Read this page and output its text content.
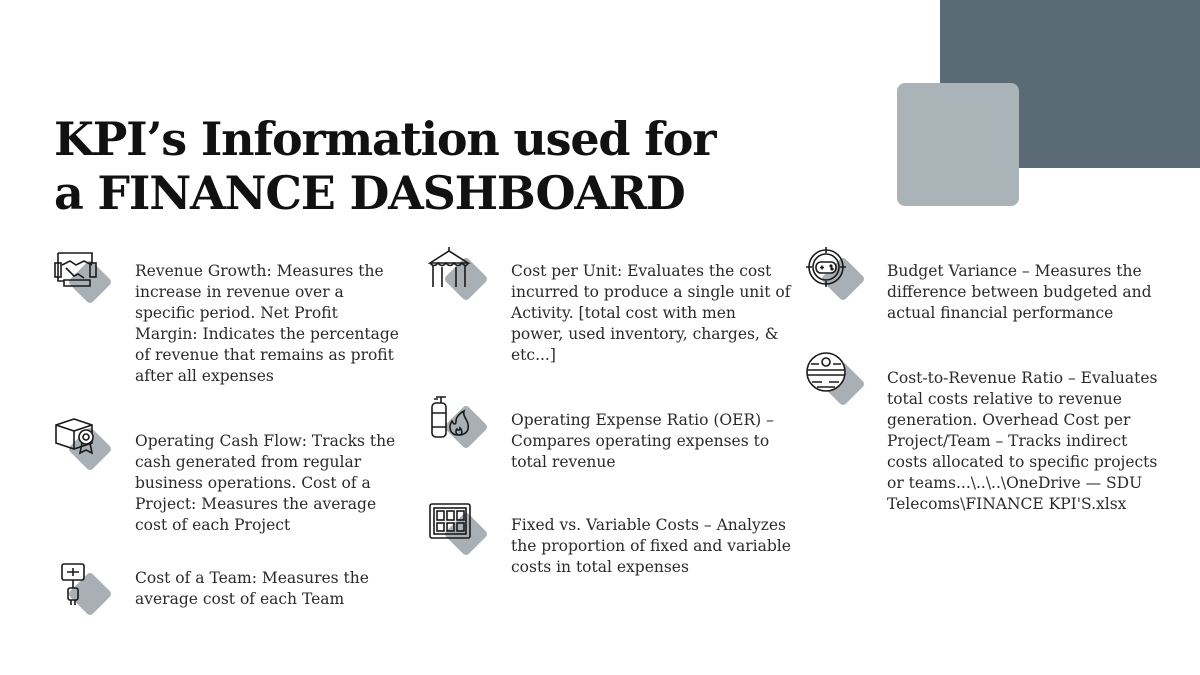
KPI’s Information used for
a FINANCE DASHBOARD

Revenue Growth: Measures the increase in revenue over a specific period. Net Profit Margin: Indicates the percentage of revenue that remains as profit after all expenses

Operating Cash Flow: Tracks the cash generated from regular business operations. Cost of a Project: Measures the average cost of each Project

Cost of a Team: Measures the average cost of each Team

Cost per Unit: Evaluates the cost incurred to produce a single unit of Activity. [total cost with men power, used inventory, charges, & etc...]

Operating Expense Ratio (OER) – Compares operating expenses to total revenue

Fixed vs. Variable Costs – Analyzes the proportion of fixed and variable costs in total expenses

Budget Variance – Measures the difference between budgeted and actual financial performance

Cost-to-Revenue Ratio – Evaluates total costs relative to revenue generation. Overhead Cost per Project/Team – Tracks indirect costs allocated to specific projects or teams...\..\..\OneDrive — SDU Telecoms\FINANCE KPI'S.xlsx
